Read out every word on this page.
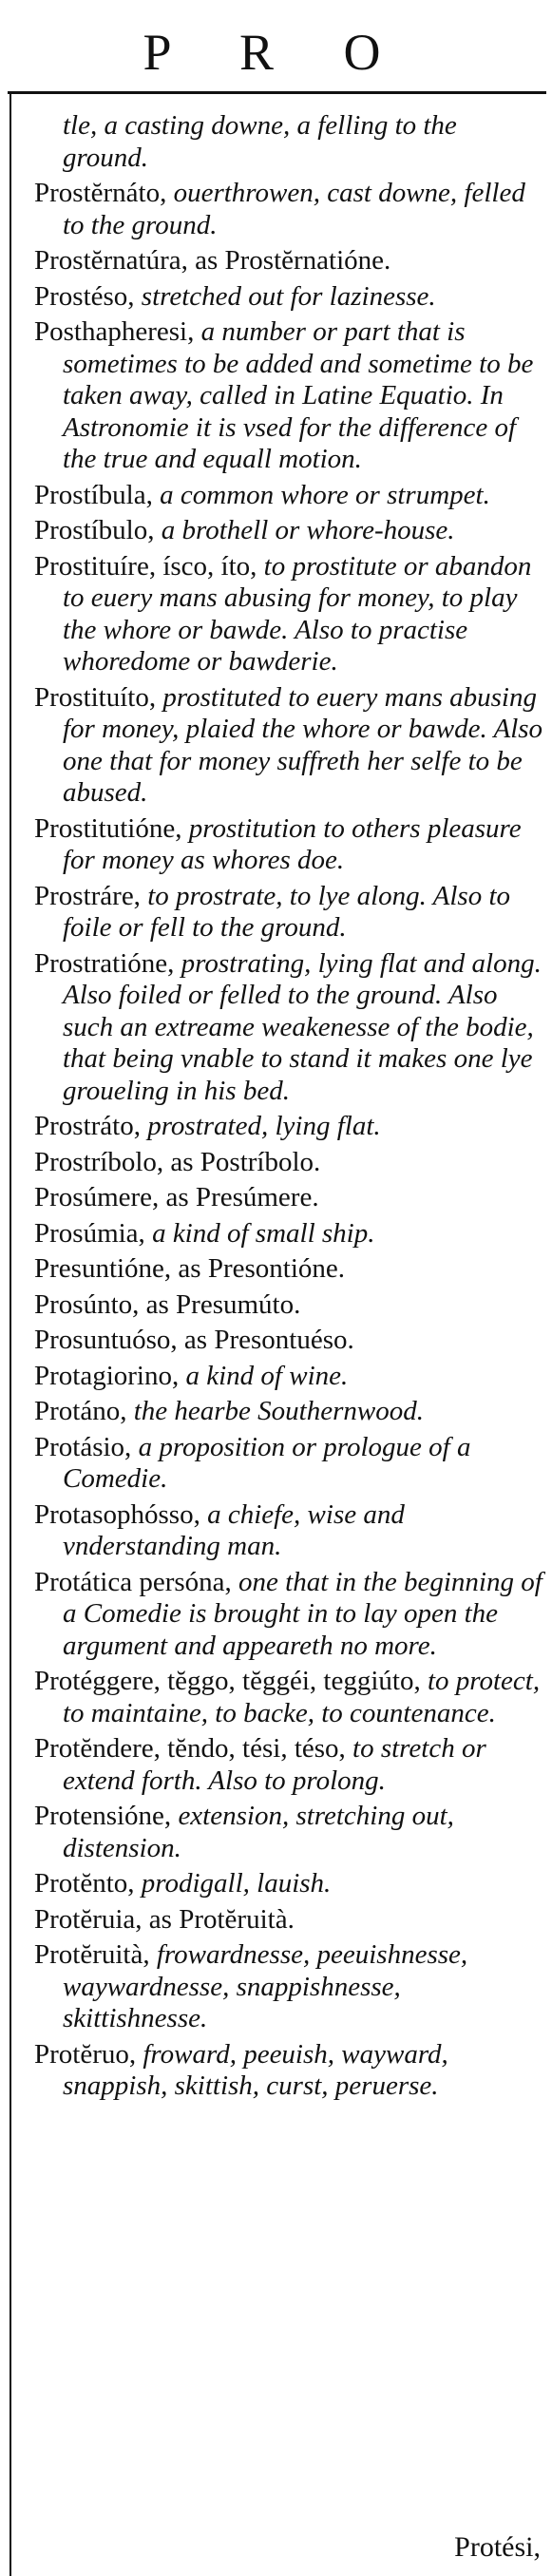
P R O
tle, a casting downe, a felling to the ground.
Prostĕrnáto, ouerthrowen, cast downe, felled to the ground.
Prostĕrnatúra, as Prostĕrnatióne.
Prostéso, stretched out for lazinesse.
Posthapheresi, a number or part that is sometimes to be added and sometime to be taken away, called in Latine Equatio. In Astronomie it is vsed for the difference of the true and equall motion.
Prostíbula, a common whore or strumpet.
Prostíbulo, a brothell or whore-house.
Prostituíre, ísco, íto, to prostitute or abandon to euery mans abusing for money, to play the whore or bawde. Also to practise whoredome or bawderie.
Prostituíto, prostituted to euery mans abusing for money, plaied the whore or bawde. Also one that for money suffreth her selfe to be abused.
Prostitutióne, prostitution to others pleasure for money as whores doe.
Prostráre, to prostrate, to lye along. Also to foile or fell to the ground.
Prostratióne, prostrating, lying flat and along. Also foiled or felled to the ground. Also such an extreame weakenesse of the bodie, that being vnable to stand it makes one lye groueling in his bed.
Prostráto, prostrated, lying flat.
Prostríbolo, as Postríbolo.
Prosúmere, as Presúmere.
Prosúmia, a kind of small ship.
Presuntióne, as Presontióne.
Prosúnto, as Presumúto.
Prosuntuóso, as Presontuéso.
Protagiorino, a kind of wine.
Protáno, the hearbe Southernwood.
Protásio, a proposition or prologue of a Comedie.
Protasophósso, a chiefe, wise and vnderstanding man.
Protática persóna, one that in the beginning of a Comedie is brought in to lay open the argument and appeareth no more.
Protéggere, tĕggo, tĕggéi, teggiúto, to protect, to maintaine, to backe, to countenance.
Protĕndere, tĕndo, tési, téso, to stretch or extend forth. Also to prolong.
Protensióne, extension, stretching out, distension.
Protĕnto, prodigall, lauish.
Protĕruia, as Protĕruità.
Protĕruità, frowardnesse, peeuishnesse, waywardnesse, snappishnesse, skittishnesse.
Protĕruo, froward, peeuish, wayward, snappish, skittish, curst, peruerse.
Protési,
